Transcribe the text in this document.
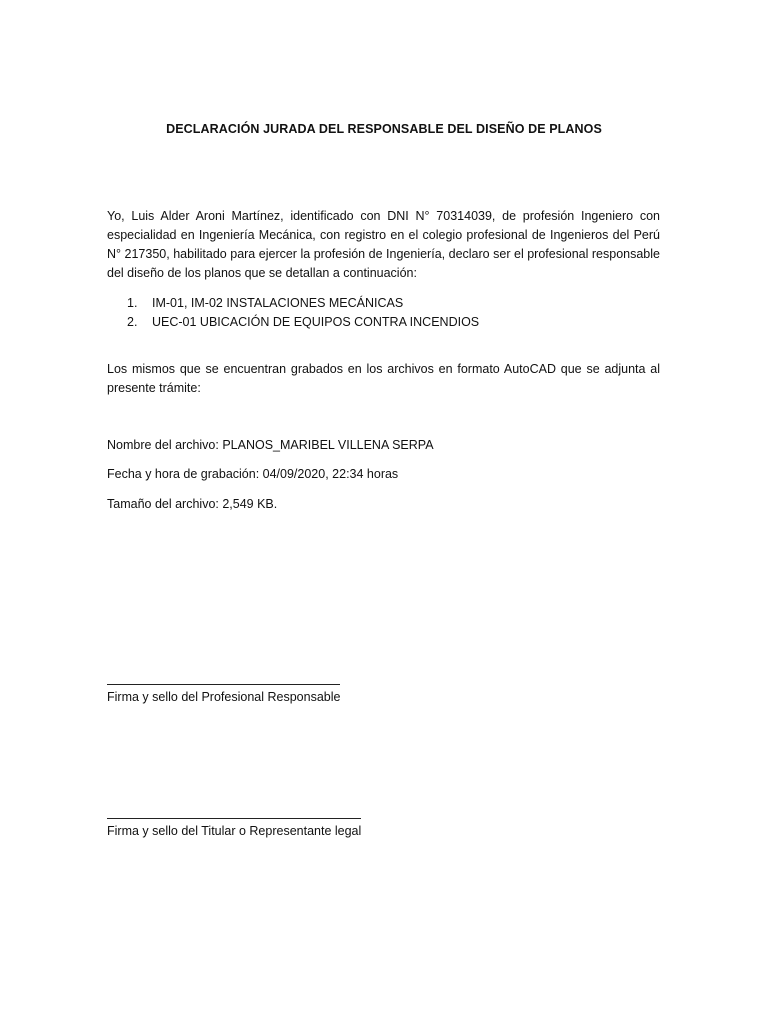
DECLARACIÓN JURADA DEL RESPONSABLE DEL DISEÑO DE PLANOS

Yo, Luis Alder Aroni Martínez, identificado con DNI N° 70314039, de profesión Ingeniero con especialidad en Ingeniería Mecánica, con registro en el colegio profesional de Ingenieros del Perú N° 217350, habilitado para ejercer la profesión de Ingeniería, declaro ser el profesional responsable del diseño de los planos que se detallan a continuación:

1.	IM-01, IM-02 INSTALACIONES MECÁNICAS
2.	UEC-01 UBICACIÓN DE EQUIPOS CONTRA INCENDIOS

Los mismos que se encuentran grabados en los archivos en formato AutoCAD que se adjunta al presente trámite:

Nombre del archivo: PLANOS_MARIBEL VILLENA SERPA
Fecha y hora de grabación: 04/09/2020, 22:34 horas
Tamaño del archivo: 2,549 KB.
Firma y sello del Profesional Responsable
Firma y sello del Titular o Representante legal
